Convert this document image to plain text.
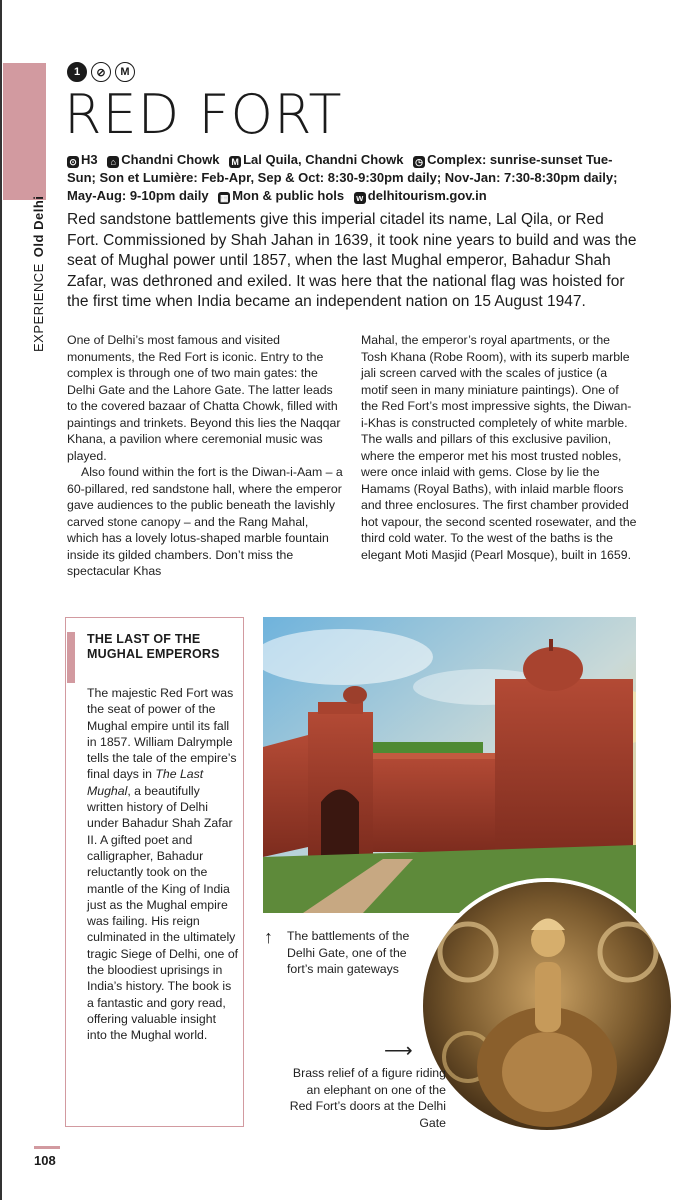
EXPERIENCEOld Delhi
1	⊘	M
RED FORT
⊙ H3 ⌂ Chandni Chowk M Lal Quila, Chandni Chowk ◷ Complex: sunrise-sunset Tue-Sun; Son et Lumière: Feb-Apr, Sep & Oct: 8:30-9:30pm daily; Nov-Jan: 7:30-8:30pm daily; May-Aug: 9-10pm daily ▦ Mon & public hols w delhitourism.gov.in

Red sandstone battlements give this imperial citadel its name, Lal Qila, or Red Fort. Commissioned by Shah Jahan in 1639, it took nine years to build and was the seat of Mughal power until 1857, when the last Mughal emperor, Bahadur Shah Zafar, was dethroned and exiled. It was here that the national flag was hoisted for the first time when India became an independent nation on 15 August 1947.

One of Delhi’s most famous and visited monuments, the Red Fort is iconic. Entry to the complex is through one of two main gates: the Delhi Gate and the Lahore Gate. The latter leads to the covered bazaar of Chatta Chowk, filled with paintings and trinkets. Beyond this lies the Naqqar Khana, a pavilion where ceremonial music was played.

Also found within the fort is the Diwan-i-Aam – a 60-pillared, red sandstone hall, where the emperor gave audiences to the public beneath the lavishly carved stone canopy – and the Rang Mahal, which has a lovely lotus-shaped marble fountain inside its gilded chambers. Don’t miss the spectacular Khas

Mahal, the emperor’s royal apartments, or the Tosh Khana (Robe Room), with its superb marble jali screen carved with the scales of justice (a motif seen in many miniature paintings). One of the Red Fort’s most impressive sights, the Diwan-i-Khas is constructed completely of white marble. The walls and pillars of this exclusive pavilion, where the emperor met his most trusted nobles, were once inlaid with gems. Close by lie the Hamams (Royal Baths), with inlaid marble floors and three enclosures. The first chamber provided hot vapour, the second scented rosewater, and the third cold water. To the west of the baths is the elegant Moti Masjid (Pearl Mosque), built in 1659.

THE LAST OF THE MUGHAL EMPERORS
The majestic Red Fort was the seat of power of the Mughal empire until its fall in 1857. William Dalrymple tells the tale of the empire’s final days in The Last Mughal, a beautifully written history of Delhi under Bahadur Shah Zafar II. A gifted poet and calligrapher, Bahadur reluctantly took on the mantle of the King of India just as the Mughal empire was failing. His reign culminated in the ultimately tragic Siege of Delhi, one of the bloodiest uprisings in India’s history. The book is a fantastic and gory read, offering valuable insight into the Mughal world.
↑ The battlements of the Delhi Gate, one of the fort’s main gateways
⟶
Brass relief of a figure riding an elephant on one of the Red Fort’s doors at the Delhi Gate
108
